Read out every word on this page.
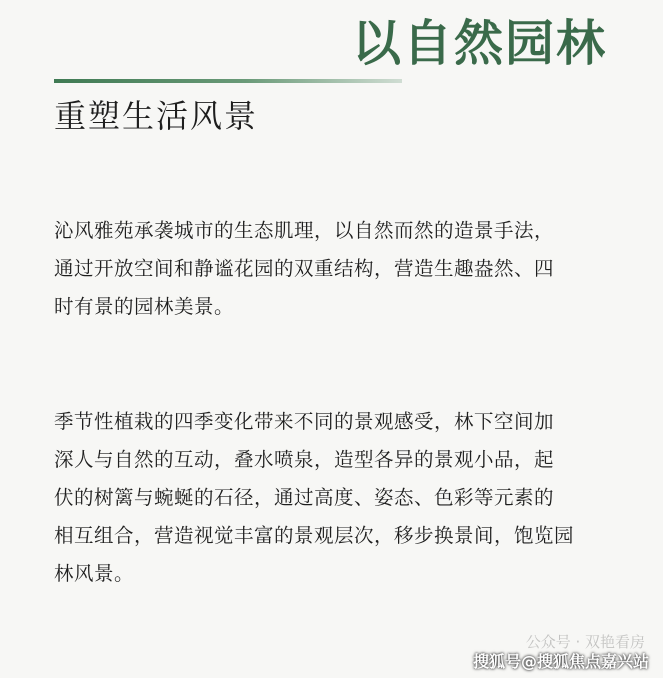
以自然园林
重塑生活风景

沁风雅苑承袭城市的生态肌理，以自然而然的造景手法，
通过开放空间和静谧花园的双重结构，营造生趣盎然、四
时有景的园林美景。

季节性植栽的四季变化带来不同的景观感受，林下空间加
深人与自然的互动，叠水喷泉，造型各异的景观小品，起
伏的树篱与蜿蜒的石径，通过高度、姿态、色彩等元素的
相互组合，营造视觉丰富的景观层次，移步换景间，饱览园
林风景。

公众号 · 双艳看房
搜狐号@搜狐焦点嘉兴站
